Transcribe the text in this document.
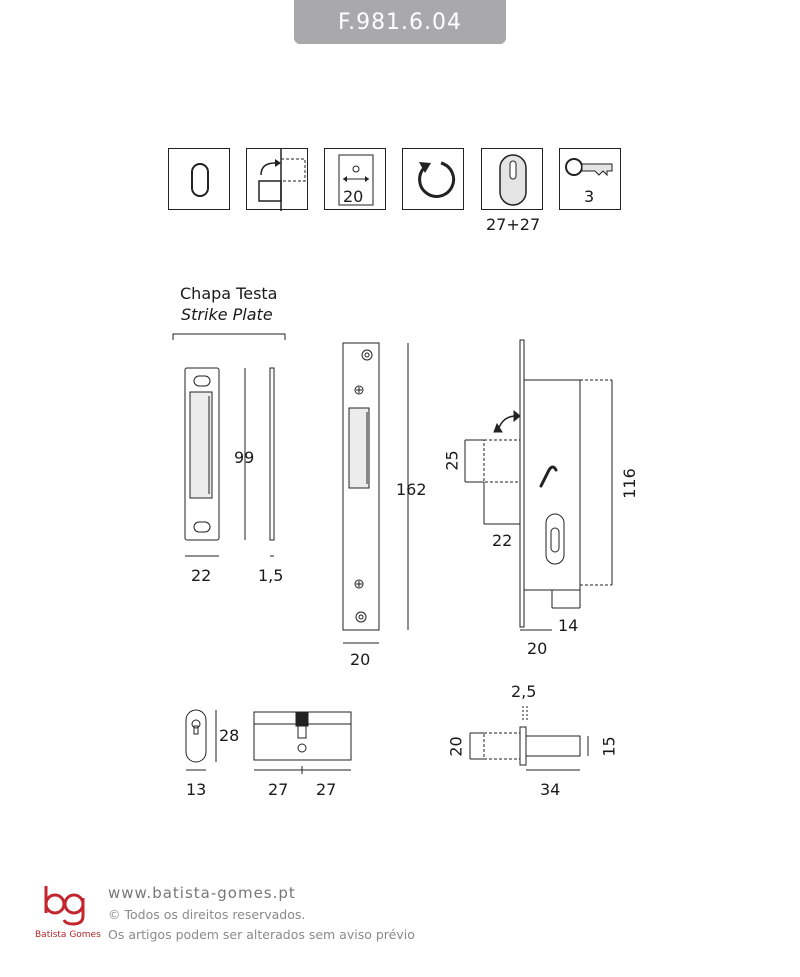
F.981.6.04
20
27+27
3
Chapa Testa
Strike Plate
99
22	1,5
162
20
25
22
116
14
20
28
13	27 27
2,5
20	15
34
Batista Gomes
www.batista-gomes.pt
© Todos os direitos reservados.
Os artigos podem ser alterados sem aviso prévio
